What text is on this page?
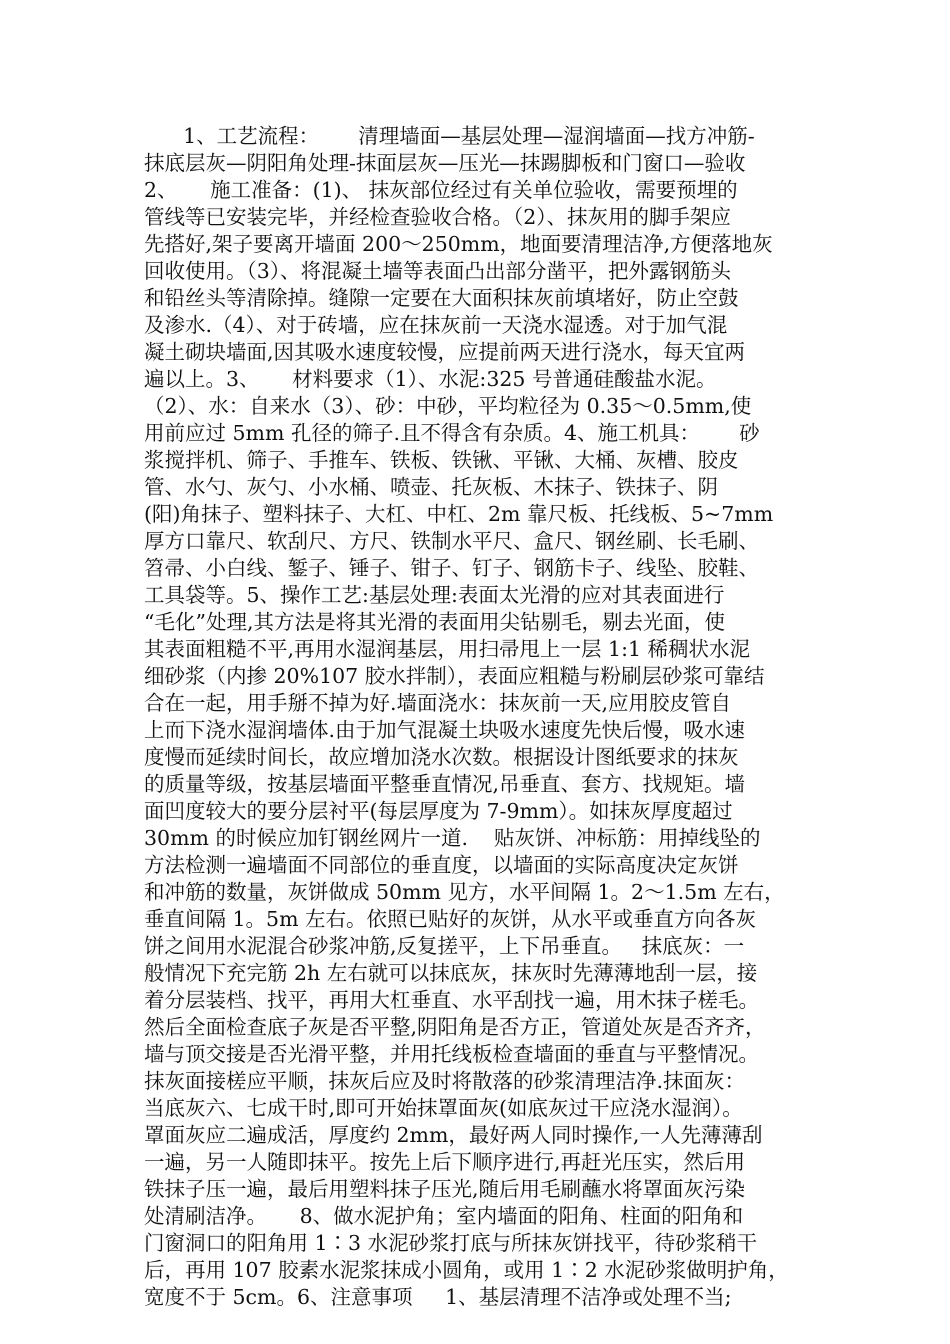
1、工艺流程：      清理墙面—基层处理—湿润墙面—找方冲筋-
抹底层灰—阴阳角处理-抹面层灰—压光—抹踢脚板和门窗口—验收
2、     施工准备：(1)、 抹灰部位经过有关单位验收，需要预埋的
管线等已安装完毕，并经检查验收合格。（2）、抹灰用的脚手架应
先搭好,架子要离开墙面 200～250mm，地面要清理洁净,方便落地灰
回收使用。（3）、将混凝土墙等表面凸出部分凿平，把外露钢筋头
和铅丝头等清除掉。缝隙一定要在大面积抹灰前填堵好，防止空鼓
及渗水.（4）、对于砖墙，应在抹灰前一天浇水湿透。对于加气混
凝土砌块墙面,因其吸水速度较慢，应提前两天进行浇水，每天宜两
遍以上。3、     材料要求（1）、水泥:325 号普通硅酸盐水泥。
（2）、水：自来水（3）、砂：中砂，平均粒径为 0.35～0.5mm,使
用前应过 5mm 孔径的筛子.且不得含有杂质。4、施工机具：      砂
浆搅拌机、筛子、手推车、铁板、铁锹、平锹、大桶、灰槽、胶皮
管、水勺、灰勺、小水桶、喷壶、托灰板、木抹子、铁抹子、阴
(阳)角抹子、塑料抹子、大杠、中杠、2m 靠尺板、托线板、5~7mm
厚方口靠尺、软刮尺、方尺、铁制水平尺、盒尺、钢丝刷、长毛刷、
笤帚、小白线、錾子、锤子、钳子、钉子、钢筋卡子、线坠、胶鞋、
工具袋等。5、操作工艺:基层处理:表面太光滑的应对其表面进行
“毛化”处理,其方法是将其光滑的表面用尖钻剔毛，剔去光面，使
其表面粗糙不平,再用水湿润基层，用扫帚甩上一层 1:1 稀稠状水泥
细砂浆（内掺 20%107 胶水拌制），表面应粗糙与粉刷层砂浆可靠结
合在一起，用手掰不掉为好.墙面浇水：抹灰前一天,应用胶皮管自
上而下浇水湿润墙体.由于加气混凝土块吸水速度先快后慢，吸水速
度慢而延续时间长，故应增加浇水次数。根据设计图纸要求的抹灰
的质量等级，按基层墙面平整垂直情况,吊垂直、套方、找规矩。墙
面凹度较大的要分层衬平(每层厚度为 7-9mm）。如抹灰厚度超过
30mm 的时候应加钉钢丝网片一道.    贴灰饼、冲标筋：用掉线坠的
方法检测一遍墙面不同部位的垂直度，以墙面的实际高度决定灰饼
和冲筋的数量，灰饼做成 50mm 见方，水平间隔 1。2～1.5m 左右，
垂直间隔 1。5m 左右。依照已贴好的灰饼，从水平或垂直方向各灰
饼之间用水泥混合砂浆冲筋,反复搓平，上下吊垂直。   抹底灰：一
般情况下充完筋 2h 左右就可以抹底灰，抹灰时先薄薄地刮一层，接
着分层装档、找平，再用大杠垂直、水平刮找一遍，用木抹子槎毛。
然后全面检查底子灰是否平整,阴阳角是否方正，管道处灰是否齐齐，
墙与顶交接是否光滑平整，并用托线板检查墙面的垂直与平整情况。
抹灰面接槎应平顺，抹灰后应及时将散落的砂浆清理洁净.抹面灰：
当底灰六、七成干时,即可开始抹罩面灰(如底灰过干应浇水湿润）。
罩面灰应二遍成活，厚度约 2mm，最好两人同时操作,一人先薄薄刮
一遍，另一人随即抹平。按先上后下顺序进行,再赶光压实，然后用
铁抹子压一遍，最后用塑料抹子压光,随后用毛刷蘸水将罩面灰污染
处清刷洁净。     8、做水泥护角；室内墙面的阳角、柱面的阳角和
门窗洞口的阳角用 1∶3 水泥砂浆打底与所抹灰饼找平，待砂浆稍干
后，再用 107 胶素水泥浆抹成小圆角，或用 1∶2 水泥砂浆做明护角，
宽度不于 5cm。6、注意事项     1、基层清理不洁净或处理不当;
